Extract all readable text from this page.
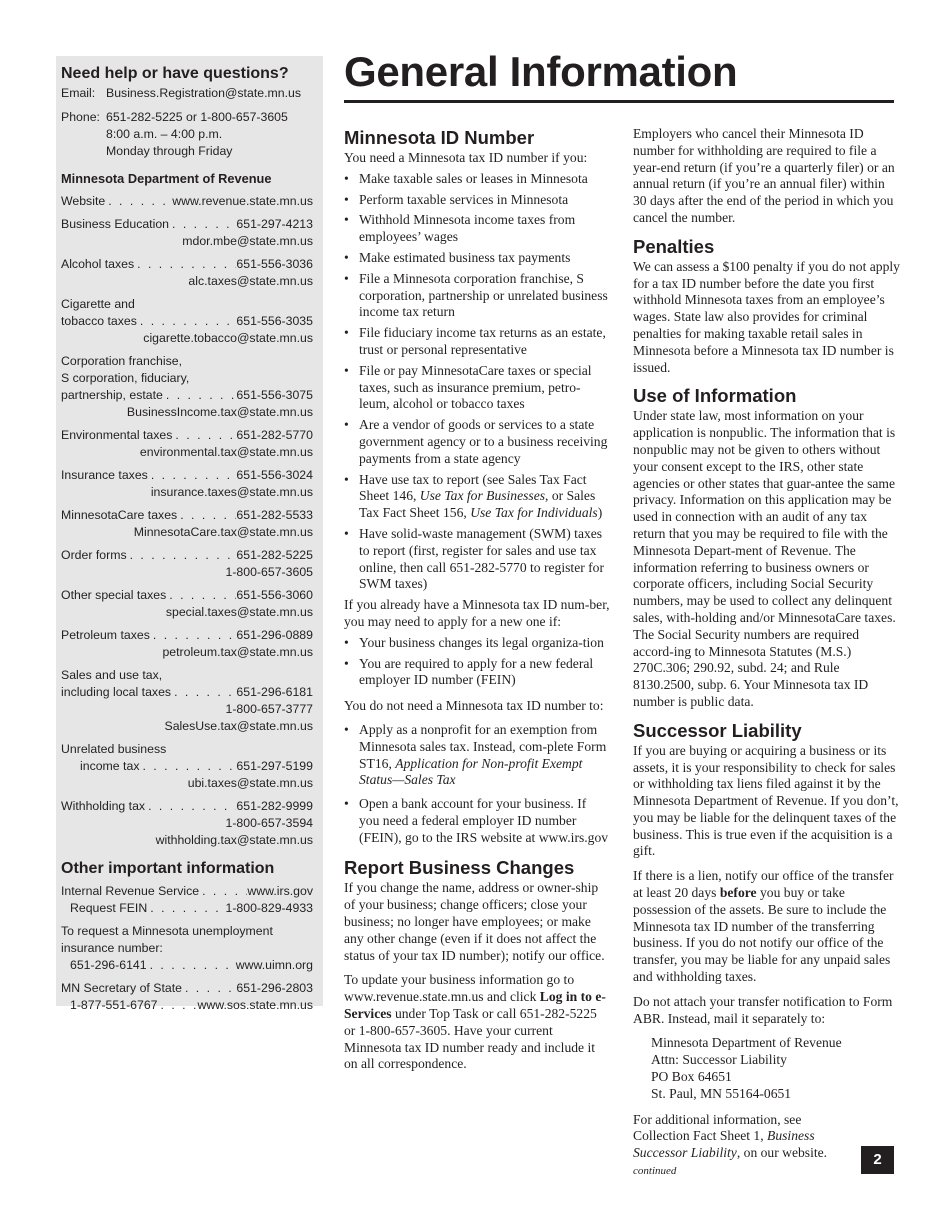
Need help or have questions?
Email: Business.Registration@state.mn.us
Phone: 651-282-5225 or 1-800-657-3605
8:00 a.m. – 4:00 p.m.
Monday through Friday
Minnesota Department of Revenue
Website . . .	www.revenue.state.mn.us
Business Education . . .	651-297-4213
mdor.mbe@state.mn.us
Alcohol taxes . . .	651-556-3036
alc.taxes@state.mn.us
Cigarette and
tobacco taxes . . .	651-556-3035
cigarette.tobacco@state.mn.us
Corporation franchise,
S corporation, fiduciary,
partnership, estate . . .	651-556-3075
BusinessIncome.tax@state.mn.us
Environmental taxes . . .	651-282-5770
environmental.tax@state.mn.us
Insurance taxes . . .	651-556-3024
insurance.taxes@state.mn.us
MinnesotaCare taxes . . .	651-282-5533
MinnesotaCare.tax@state.mn.us
Order forms . . .	651-282-5225
1-800-657-3605
Other special taxes . . .	651-556-3060
special.taxes@state.mn.us
Petroleum taxes . . .	651-296-0889
petroleum.tax@state.mn.us
Sales and use tax,
including local taxes . . .	651-296-6181
1-800-657-3777
SalesUse.tax@state.mn.us
Unrelated business
income tax . . .	651-297-5199
ubi.taxes@state.mn.us
Withholding tax . . .	651-282-9999
1-800-657-3594
withholding.tax@state.mn.us
Other important information
Internal Revenue Service . . .	www.irs.gov
Request FEIN . . .	1-800-829-4933
To request a Minnesota unemployment insurance number:
651-296-6141 . . .	www.uimn.org
MN Secretary of State . . .	651-296-2803
1-877-551-6767 . . .	www.sos.state.mn.us
General Information
Minnesota ID Number

You need a Minnesota tax ID number if you:

• Make taxable sales or leases in Minnesota
• Perform taxable services in Minnesota
• Withhold Minnesota income taxes from employees’ wages
• Make estimated business tax payments
• File a Minnesota corporation franchise, S corporation, partnership or unrelated business income tax return
• File fiduciary income tax returns as an estate, trust or personal representative
• File or pay MinnesotaCare taxes or special taxes, such as insurance premium, petro-leum, alcohol or tobacco taxes
• Are a vendor of goods or services to a state government agency or to a business receiving payments from a state agency
• Have use tax to report (see Sales Tax Fact Sheet 146, Use Tax for Businesses, or Sales Tax Fact Sheet 156, Use Tax for Individuals)
• Have solid-waste management (SWM) taxes to report (first, register for sales and use tax online, then call 651-282-5770 to register for SWM taxes)

If you already have a Minnesota tax ID num-ber, you may need to apply for a new one if:

• Your business changes its legal organiza-tion
• You are required to apply for a new federal employer ID number (FEIN)

You do not need a Minnesota tax ID number to:

• Apply as a nonprofit for an exemption from Minnesota sales tax. Instead, com-plete Form ST16, Application for Non-profit Exempt Status—Sales Tax
• Open a bank account for your business. If you need a federal employer ID number (FEIN), go to the IRS website at www.irs.gov
Report Business Changes

If you change the name, address or owner-ship of your business; change officers; close your business; no longer have employees; or make any other change (even if it does not affect the status of your tax ID number); notify our office.

To update your business information go to www.revenue.state.mn.us and click Log in to e-Services under Top Task or call 651-282-5225 or 1-800-657-3605. Have your current Minnesota tax ID number ready and include it on all correspondence.

Employers who cancel their Minnesota ID number for withholding are required to file a year-end return (if you’re a quarterly filer) or an annual return (if you’re an annual filer) within 30 days after the end of the period in which you cancel the number.

Penalties

We can assess a $100 penalty if you do not apply for a tax ID number before the date you first withhold Minnesota taxes from an employee’s wages. State law also provides for criminal penalties for making taxable retail sales in Minnesota before a Minnesota tax ID number is issued.

Use of Information

Under state law, most information on your application is nonpublic. The information that is nonpublic may not be given to others without your consent except to the IRS, other state agencies or other states that guar-antee the same privacy. Information on this application may be used in connection with an audit of any tax return that you may be required to file with the Minnesota Depart-ment of Revenue. The information referring to business owners or corporate officers, including Social Security numbers, may be used to collect any delinquent sales, with-holding and/or MinnesotaCare taxes. The Social Security numbers are required accord-ing to Minnesota Statutes (M.S.) 270C.306; 290.92, subd. 24; and Rule 8130.2500, subp. 6. Your Minnesota tax ID number is public data.

Successor Liability

If you are buying or acquiring a business or its assets, it is your responsibility to check for sales or withholding tax liens filed against it by the Minnesota Department of Revenue. If you don’t, you may be liable for the delinquent taxes of the business. This is true even if the acquisition is a gift.

If there is a lien, notify our office of the transfer at least 20 days before you buy or take possession of the assets. Be sure to include the Minnesota tax ID number of the transferring business. If you do not notify our office of the transfer, you may be liable for any unpaid sales and withholding taxes.

Do not attach your transfer notification to Form ABR. Instead, mail it separately to:

Minnesota Department of Revenue
Attn: Successor Liability
PO Box 64651
St. Paul, MN 55164-0651

For additional information, see Collection Fact Sheet 1, Business Successor Liability, on our website.       continued

2
